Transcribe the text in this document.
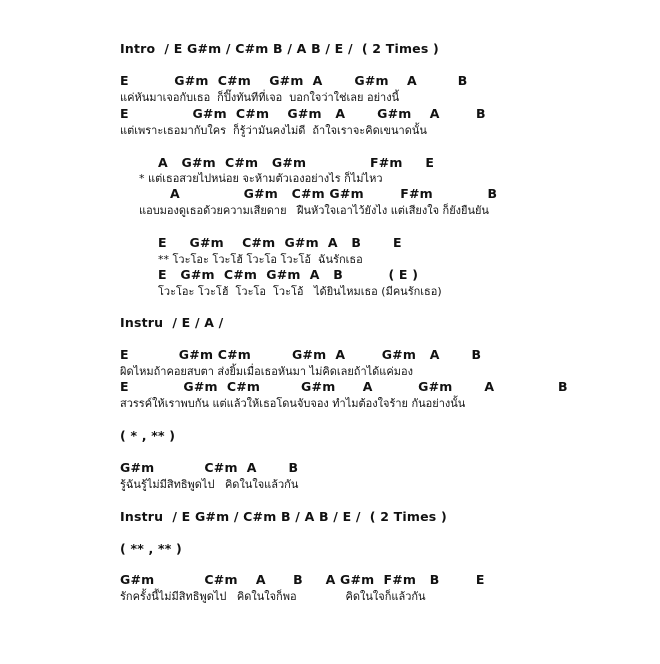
Intro  / E G#m / C#m B / A B / E /  ( 2 Times )
E          G#m  C#m    G#m  A       G#m    A         B
แค่หันมาเจอกับเธอ  ก็ปิ๊งทันทีที่เจอ  บอกใจว่าใช่เลย อย่างนี้
E              G#m  C#m    G#m   A       G#m    A        B
แต่เพราะเธอมากับใคร  ก็รู้ว่ามันคงไม่ดี  ถ้าใจเราจะคิดเขนาดนั้น
A   G#m  C#m   G#m              F#m     E
* แต่เธอสวยไปหน่อย จะห้ามตัวเองอย่างไร ก็ไม่ไหว
A              G#m   C#m G#m        F#m            B
แอบมองดูเธอด้วยความเสียดาย   ฝืนหัวใจเอาไว้ยังไง แต่เสียงใจ ก็ยังยืนยัน
E     G#m    C#m  G#m  A   B       E
** โวะโอะ โวะโฮ้ โวะโอ โวะโอ้  ฉันรักเธอ
E   G#m  C#m  G#m  A   B          ( E )
โวะโอะ โวะโฮ้  โวะโอ  โวะโอ้   ได้ยินไหมเธอ (มีคนรักเธอ)
Instru  / E / A /
E           G#m C#m         G#m  A        G#m   A       B
ผิดไหมถ้าคอยสบตา ส่งยิ้มเมื่อเธอหันมา ไม่คิดเลยถ้าได้แค่มอง
E            G#m  C#m         G#m      A          G#m       A              B
สวรรค์ให้เราพบกัน แต่แล้วให้เธอโดนจับจอง ทำไมต้องใจร้าย กันอย่างนั้น
( * , ** )
G#m           C#m  A       B
รู้ฉันรู้ไม่มีสิทธิพูดไป   คิดในใจแล้วกัน
Instru  / E G#m / C#m B / A B / E /  ( 2 Times )
( ** , ** )
G#m           C#m    A      B     A G#m  F#m   B        E
รักครั้งนี้ไม่มีสิทธิพูดไป   คิดในใจก็พอ              คิดในใจก็แล้วกัน
